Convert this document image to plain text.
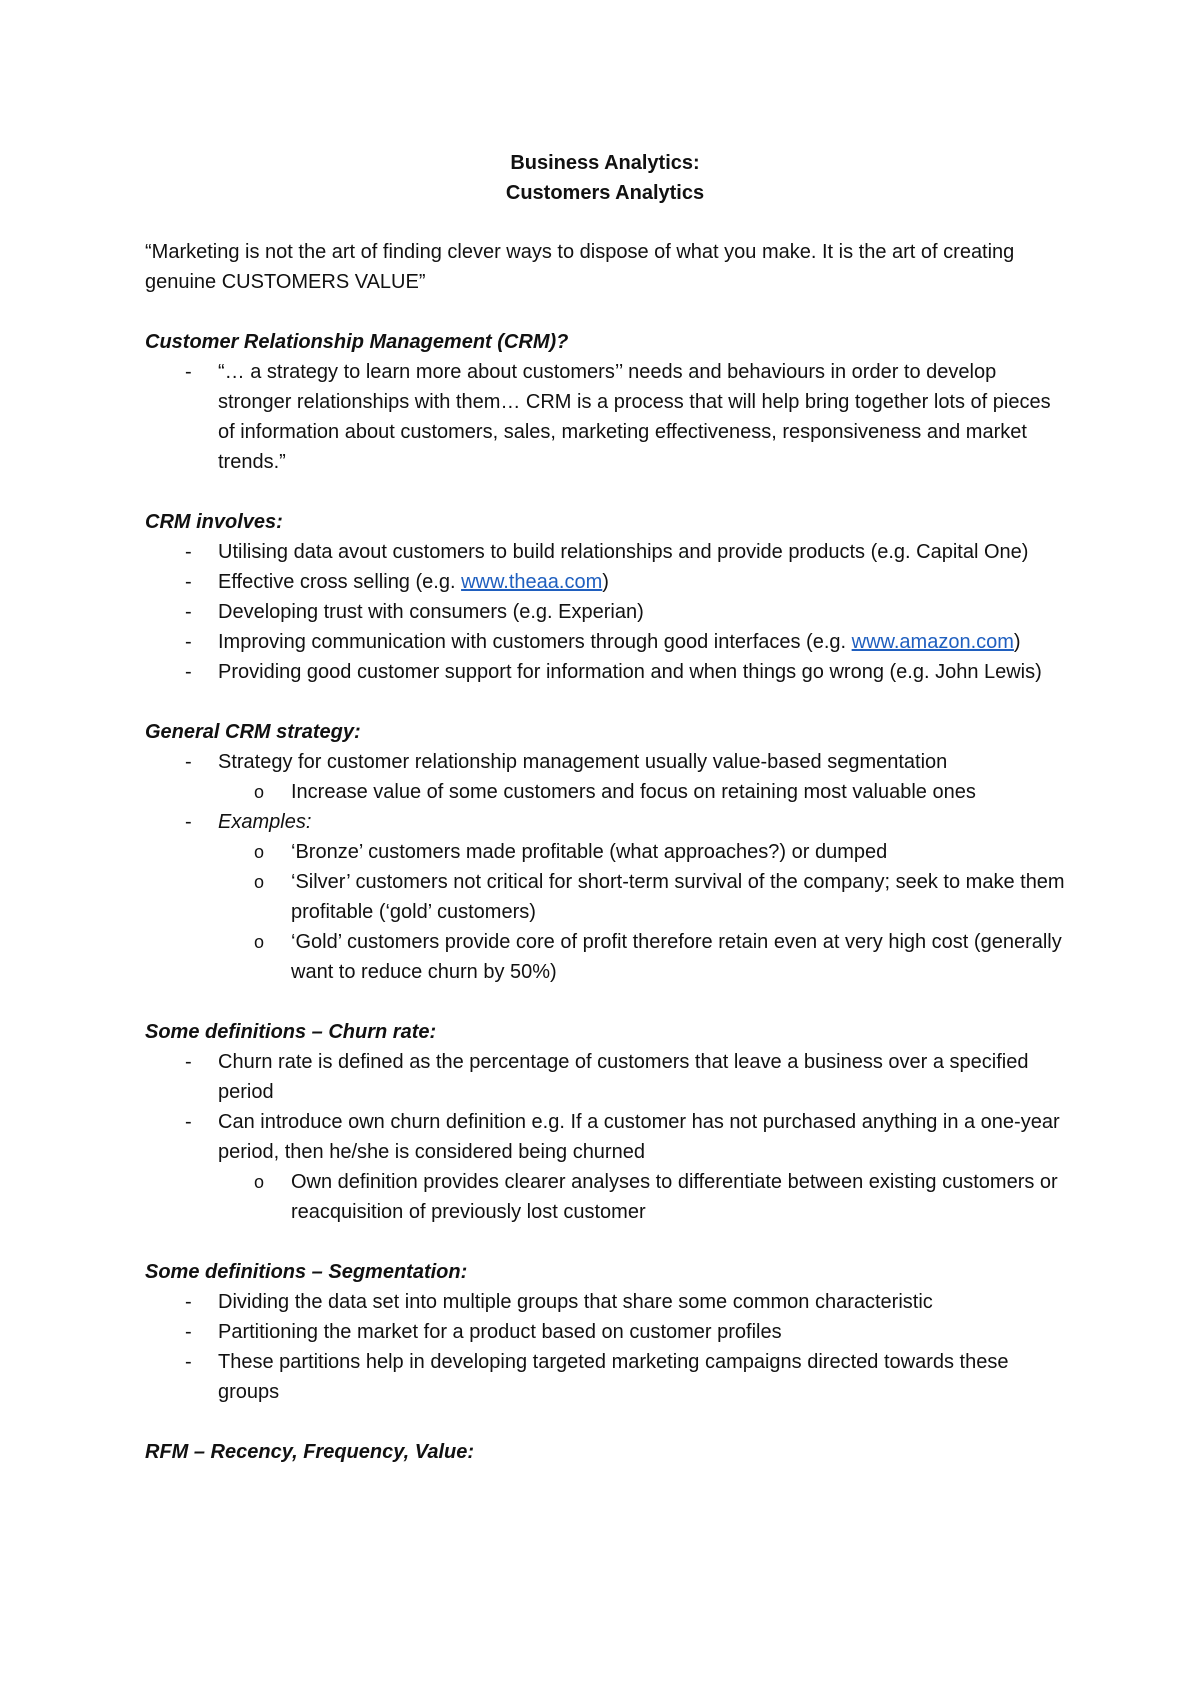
Business Analytics:
Customers Analytics
“Marketing is not the art of finding clever ways to dispose of what you make. It is the art of creating genuine CUSTOMERS VALUE”
Customer Relationship Management (CRM)?
- “… a strategy to learn more about customers’’ needs and behaviours in order to develop stronger relationships with them… CRM is a process that will help bring together lots of pieces of information about customers, sales, marketing effectiveness, responsiveness and market trends.”
CRM involves:
- Utilising data avout customers to build relationships and provide products (e.g. Capital One)
- Effective cross selling (e.g. www.theaa.com)
- Developing trust with consumers (e.g. Experian)
- Improving communication with customers through good interfaces (e.g. www.amazon.com)
- Providing good customer support for information and when things go wrong (e.g. John Lewis)
General CRM strategy:
- Strategy for customer relationship management usually value-based segmentation
o Increase value of some customers and focus on retaining most valuable ones
- Examples:
o ‘Bronze’ customers made profitable (what approaches?) or dumped
o ‘Silver’ customers not critical for short-term survival of the company; seek to make them profitable (‘gold’ customers)
o ‘Gold’ customers provide core of profit therefore retain even at very high cost (generally want to reduce churn by 50%)
Some definitions – Churn rate:
- Churn rate is defined as the percentage of customers that leave a business over a specified period
- Can introduce own churn definition e.g. If a customer has not purchased anything in a one-year period, then he/she is considered being churned
o Own definition provides clearer analyses to differentiate between existing customers or reacquisition of previously lost customer
Some definitions – Segmentation:
- Dividing the data set into multiple groups that share some common characteristic
- Partitioning the market for a product based on customer profiles
- These partitions help in developing targeted marketing campaigns directed towards these groups
RFM – Recency, Frequency, Value:
